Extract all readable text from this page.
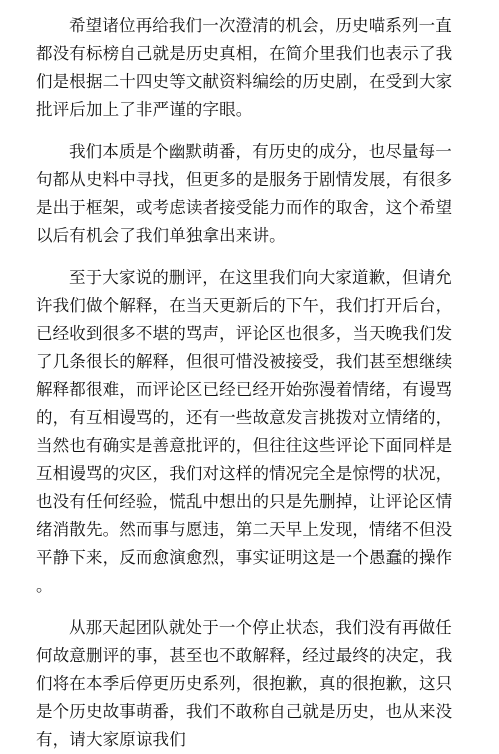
希望诸位再给我们一次澄清的机会，历史喵系列一直
都没有标榜自己就是历史真相，在简介里我们也表示了我
们是根据二十四史等文献资料编绘的历史剧，在受到大家
批评后加上了非严谨的字眼。
我们本质是个幽默萌番，有历史的成分，也尽量每一
句都从史料中寻找，但更多的是服务于剧情发展，有很多
是出于框架，或考虑读者接受能力而作的取舍，这个希望
以后有机会了我们单独拿出来讲。
至于大家说的删评，在这里我们向大家道歉，但请允
许我们做个解释，在当天更新后的下午，我们打开后台，
已经收到很多不堪的骂声，评论区也很多，当天晚我们发
了几条很长的解释，但很可惜没被接受，我们甚至想继续
解释都很难，而评论区已经已经开始弥漫着情绪，有谩骂
的，有互相谩骂的，还有一些故意发言挑拨对立情绪的，
当然也有确实是善意批评的，但往往这些评论下面同样是
互相谩骂的灾区，我们对这样的情况完全是惊愕的状况，
也没有任何经验，慌乱中想出的只是先删掉，让评论区情
绪消散先。然而事与愿违，第二天早上发现，情绪不但没
平静下来，反而愈演愈烈，事实证明这是一个愚蠢的操作
。
从那天起团队就处于一个停止状态，我们没有再做任
何故意删评的事，甚至也不敢解释，经过最终的决定，我
们将在本季后停更历史系列，很抱歉，真的很抱歉，这只
是个历史故事萌番，我们不敢称自己就是历史，也从来没
有，请大家原谅我们
